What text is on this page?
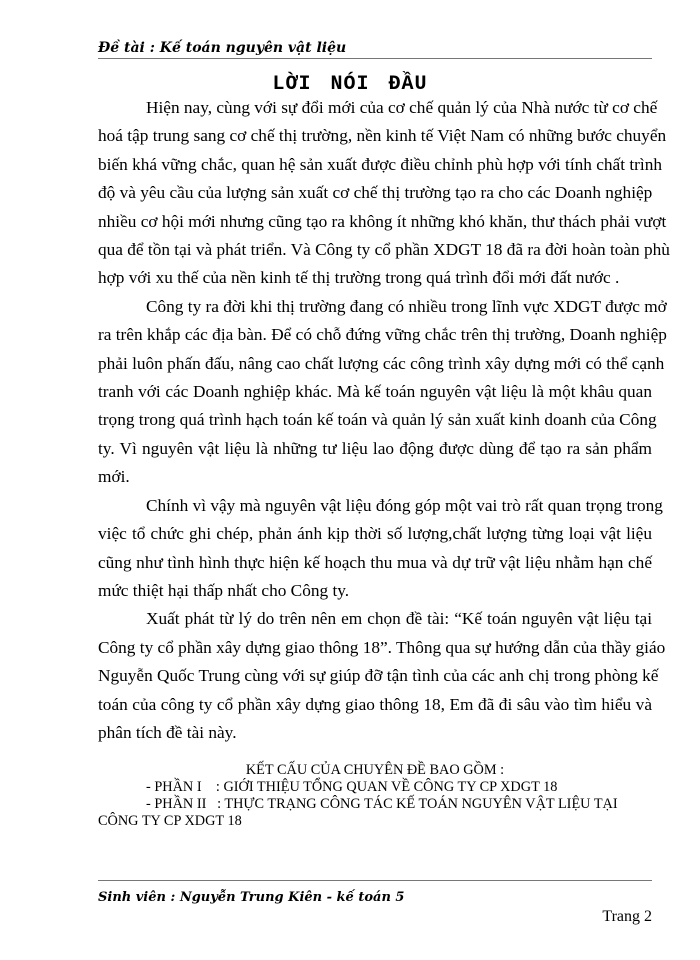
Đề tài : Kế toán nguyên vật liệu
LỜI NÓI ĐẦU
Hiện nay, cùng với sự đổi mới của cơ chế quản lý của Nhà nước từ cơ chế
hoá tập trung sang cơ chế thị trường, nền kinh tế Việt Nam có những bước chuyển
biến khá vững chắc, quan hệ sản xuất được điều chỉnh phù hợp với tính chất trình
độ và yêu cầu của lượng sản xuất cơ chế thị trường tạo ra cho các Doanh nghiệp
nhiều cơ hội mới nhưng cũng tạo ra không ít những khó khăn, thư thách phải vượt
qua để tồn tại và phát triển. Và Công ty cổ phần XDGT 18 đã ra đời hoàn toàn phù
hợp với xu thế của nền kinh tế thị trường trong quá trình đổi mới đất nước .
Công ty ra đời khi thị trường đang có nhiều trong lĩnh vực XDGT được mở
ra trên khắp các địa bàn. Để có chỗ đứng vững chắc trên thị trường, Doanh nghiệp
phải luôn phấn đấu, nâng cao chất lượng các công trình xây dựng mới có thể cạnh
tranh với các Doanh nghiệp khác. Mà kế toán nguyên vật liệu là một khâu quan
trọng trong quá trình hạch toán kế toán và quản lý sản xuất kinh doanh của Công
ty. Vì nguyên vật liệu là những tư liệu lao động được dùng để tạo ra sản phẩm
mới.
Chính vì vậy mà nguyên vật liệu đóng góp một vai trò rất quan trọng trong
việc tổ chức ghi chép, phản ánh kịp thời số lượng,chất lượng từng loại vật liệu
cũng như tình hình thực hiện kế hoạch thu mua và dự trữ vật liệu nhằm hạn chế
mức thiệt hại thấp nhất cho Công ty.
Xuất phát từ lý do trên nên em chọn đề tài: “Kế toán nguyên vật liệu tại
Công ty cổ phần xây dựng giao thông 18”. Thông qua sự hướng dẫn của thầy giáo
Nguyễn Quốc Trung cùng với sự giúp đỡ tận tình của các anh chị trong phòng kế
toán của công ty cổ phần xây dựng giao thông 18, Em đã đi sâu vào tìm hiểu và
phân tích đề tài này.
KẾT CẤU CỦA CHUYÊN ĐỀ BAO GỒM :
- PHẦN I    : GIỚI THIỆU TỔNG QUAN VỀ CÔNG TY CP XDGT 18
- PHẦN II   : THỰC TRẠNG CÔNG TÁC KẾ TOÁN NGUYÊN VẬT LIỆU TẠI
CÔNG TY CP XDGT 18
Sinh viên : Nguyễn Trung Kiên - kế toán 5
Trang 2
